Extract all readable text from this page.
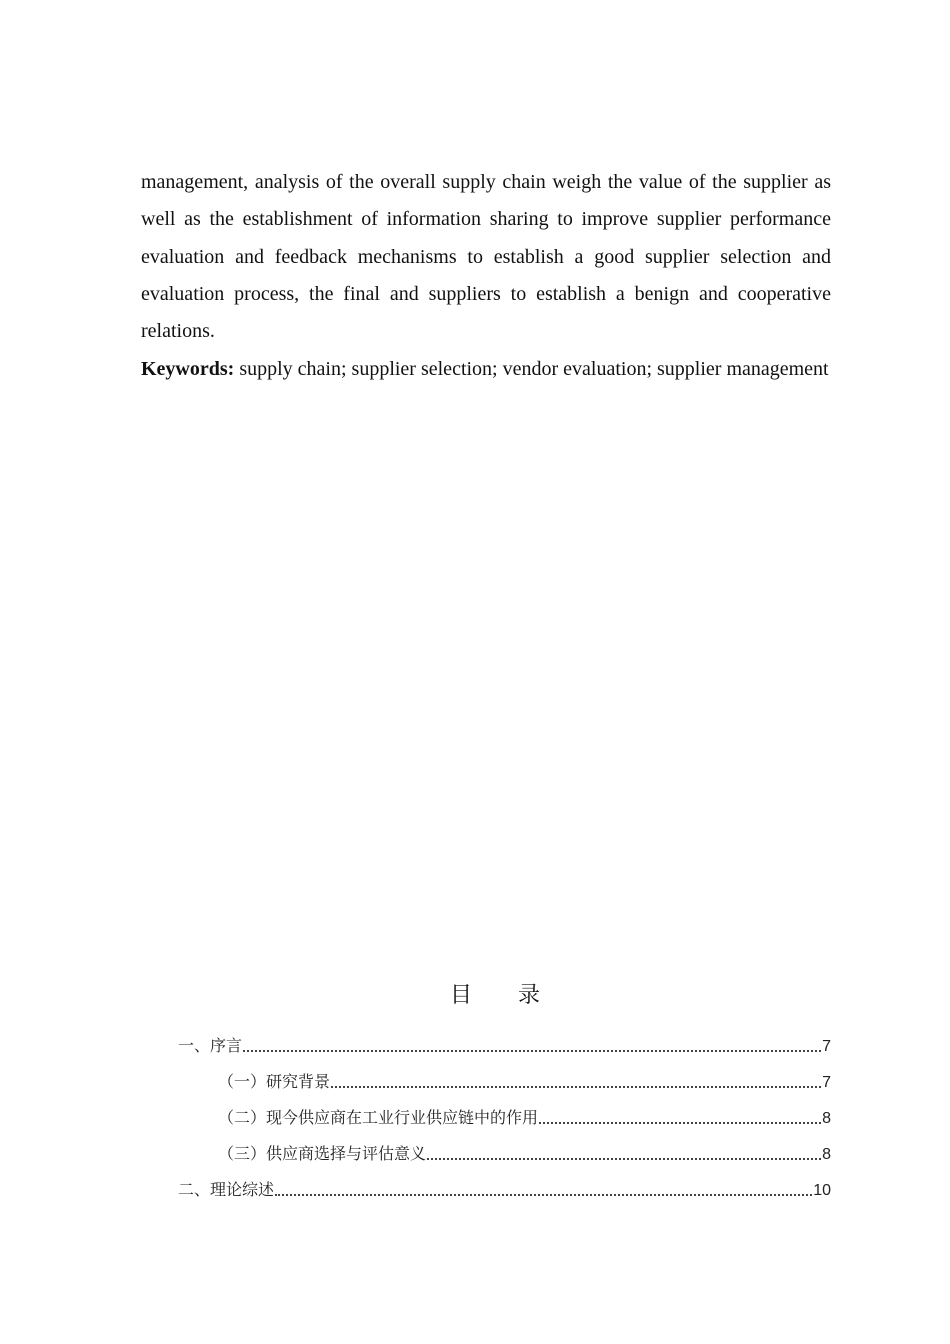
management, analysis of the overall supply chain weigh the value of the supplier as well as the establishment of information sharing to improve supplier performance evaluation and feedback mechanisms to establish a good supplier selection and evaluation process, the final and suppliers to establish a benign and cooperative relations.

Keywords: supply chain; supplier selection; vendor evaluation; supplier management

目 录
一、序言	7
（一）研究背景	7
（二）现今供应商在工业行业供应链中的作用	8
（三）供应商选择与评估意义	8
二、理论综述	10
